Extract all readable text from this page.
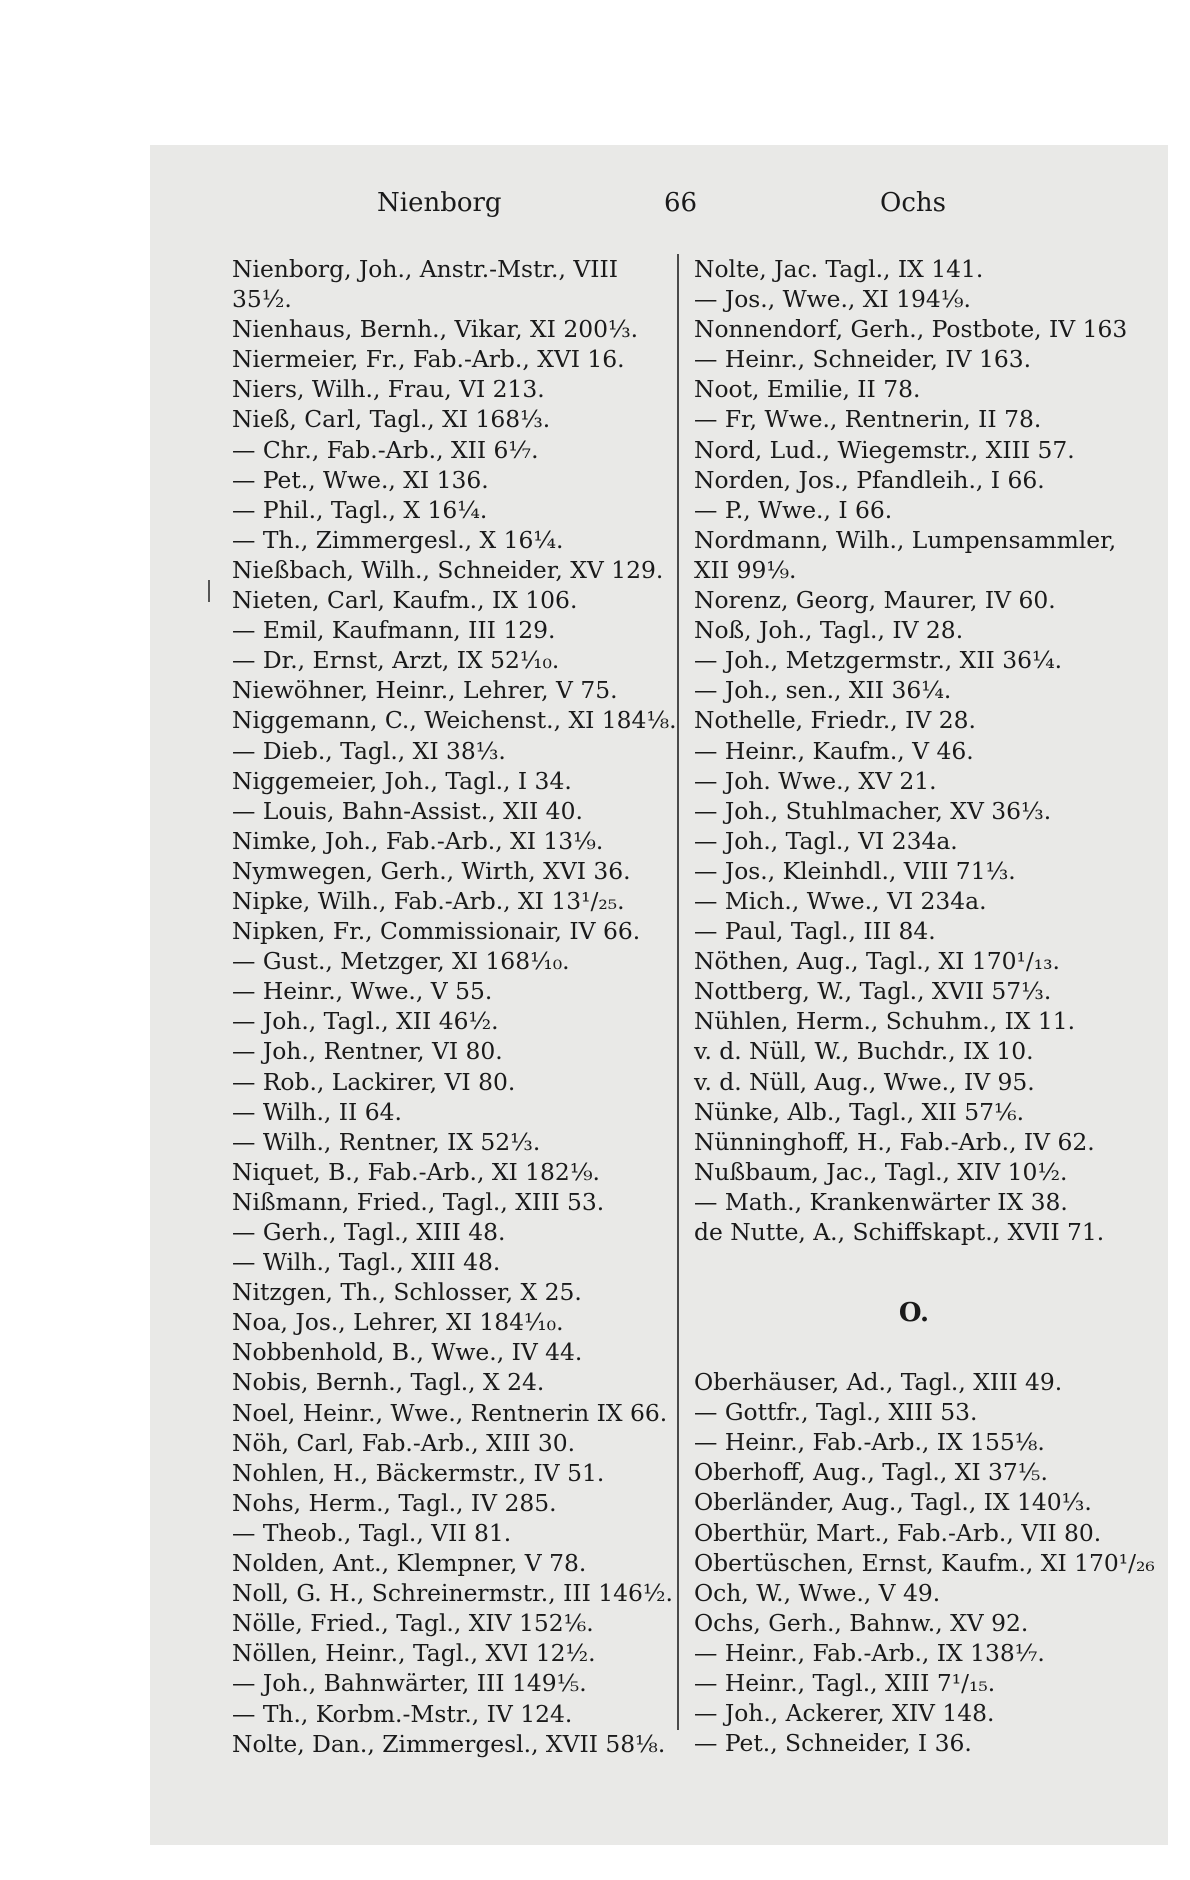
Nienborg	66	Ochs
Nienborg, Joh., Anstr.-Mstr., VIII
35½.
Nienhaus, Bernh., Vikar, XI 200⅓.
Niermeier, Fr., Fab.-Arb., XVI 16.
Niers, Wilh., Frau, VI 213.
Nieß, Carl, Tagl., XI 168⅓.
— Chr., Fab.-Arb., XII 6⅐.
— Pet., Wwe., XI 136.
— Phil., Tagl., X 16¼.
— Th., Zimmergesl., X 16¼.
Nießbach, Wilh., Schneider, XV 129.
Nieten, Carl, Kaufm., IX 106.
— Emil, Kaufmann, III 129.
— Dr., Ernst, Arzt, IX 52⅒.
Niewöhner, Heinr., Lehrer, V 75.
Niggemann, C., Weichenst., XI 184⅛.
— Dieb., Tagl., XI 38⅓.
Niggemeier, Joh., Tagl., I 34.
— Louis, Bahn-Assist., XII 40.
Nimke, Joh., Fab.-Arb., XI 13⅑.
Nymwegen, Gerh., Wirth, XVI 36.
Nipke, Wilh., Fab.-Arb., XI 13¹/₂₅.
Nipken, Fr., Commissionair, IV 66.
— Gust., Metzger, XI 168⅒.
— Heinr., Wwe., V 55.
— Joh., Tagl., XII 46½.
— Joh., Rentner, VI 80.
— Rob., Lackirer, VI 80.
— Wilh., II 64.
— Wilh., Rentner, IX 52⅓.
Niquet, B., Fab.-Arb., XI 182⅑.
Nißmann, Fried., Tagl., XIII 53.
— Gerh., Tagl., XIII 48.
— Wilh., Tagl., XIII 48.
Nitzgen, Th., Schlosser, X 25.
Noa, Jos., Lehrer, XI 184⅒.
Nobbenhold, B., Wwe., IV 44.
Nobis, Bernh., Tagl., X 24.
Noel, Heinr., Wwe., Rentnerin IX 66.
Nöh, Carl, Fab.-Arb., XIII 30.
Nohlen, H., Bäckermstr., IV 51.
Nohs, Herm., Tagl., IV 285.
— Theob., Tagl., VII 81.
Nolden, Ant., Klempner, V 78.
Noll, G. H., Schreinermstr., III 146½.
Nölle, Fried., Tagl., XIV 152⅙.
Nöllen, Heinr., Tagl., XVI 12½.
— Joh., Bahnwärter, III 149⅕.
— Th., Korbm.-Mstr., IV 124.
Nolte, Dan., Zimmergesl., XVII 58⅛.
Nolte, Jac. Tagl., IX 141.
— Jos., Wwe., XI 194⅑.
Nonnendorf, Gerh., Postbote, IV 163
— Heinr., Schneider, IV 163.
Noot, Emilie, II 78.
— Fr, Wwe., Rentnerin, II 78.
Nord, Lud., Wiegemstr., XIII 57.
Norden, Jos., Pfandleih., I 66.
— P., Wwe., I 66.
Nordmann, Wilh., Lumpensammler,
XII 99⅑.
Norenz, Georg, Maurer, IV 60.
Noß, Joh., Tagl., IV 28.
— Joh., Metzgermstr., XII 36¼.
— Joh., sen., XII 36¼.
Nothelle, Friedr., IV 28.
— Heinr., Kaufm., V 46.
— Joh. Wwe., XV 21.
— Joh., Stuhlmacher, XV 36⅓.
— Joh., Tagl., VI 234a.
— Jos., Kleinhdl., VIII 71⅓.
— Mich., Wwe., VI 234a.
— Paul, Tagl., III 84.
Nöthen, Aug., Tagl., XI 170¹/₁₃.
Nottberg, W., Tagl., XVII 57⅓.
Nühlen, Herm., Schuhm., IX 11.
v. d. Nüll, W., Buchdr., IX 10.
v. d. Nüll, Aug., Wwe., IV 95.
Nünke, Alb., Tagl., XII 57⅙.
Nünninghoff, H., Fab.-Arb., IV 62.
Nußbaum, Jac., Tagl., XIV 10½.
— Math., Krankenwärter IX 38.
de Nutte, A., Schiffskapt., XVII 71.
O.
Oberhäuser, Ad., Tagl., XIII 49.
— Gottfr., Tagl., XIII 53.
— Heinr., Fab.-Arb., IX 155⅛.
Oberhoff, Aug., Tagl., XI 37⅕.
Oberländer, Aug., Tagl., IX 140⅓.
Oberthür, Mart., Fab.-Arb., VII 80.
Obertüschen, Ernst, Kaufm., XI 170¹/₂₆
Och, W., Wwe., V 49.
Ochs, Gerh., Bahnw., XV 92.
— Heinr., Fab.-Arb., IX 138⅐.
— Heinr., Tagl., XIII 7¹/₁₅.
— Joh., Ackerer, XIV 148.
— Pet., Schneider, I 36.
